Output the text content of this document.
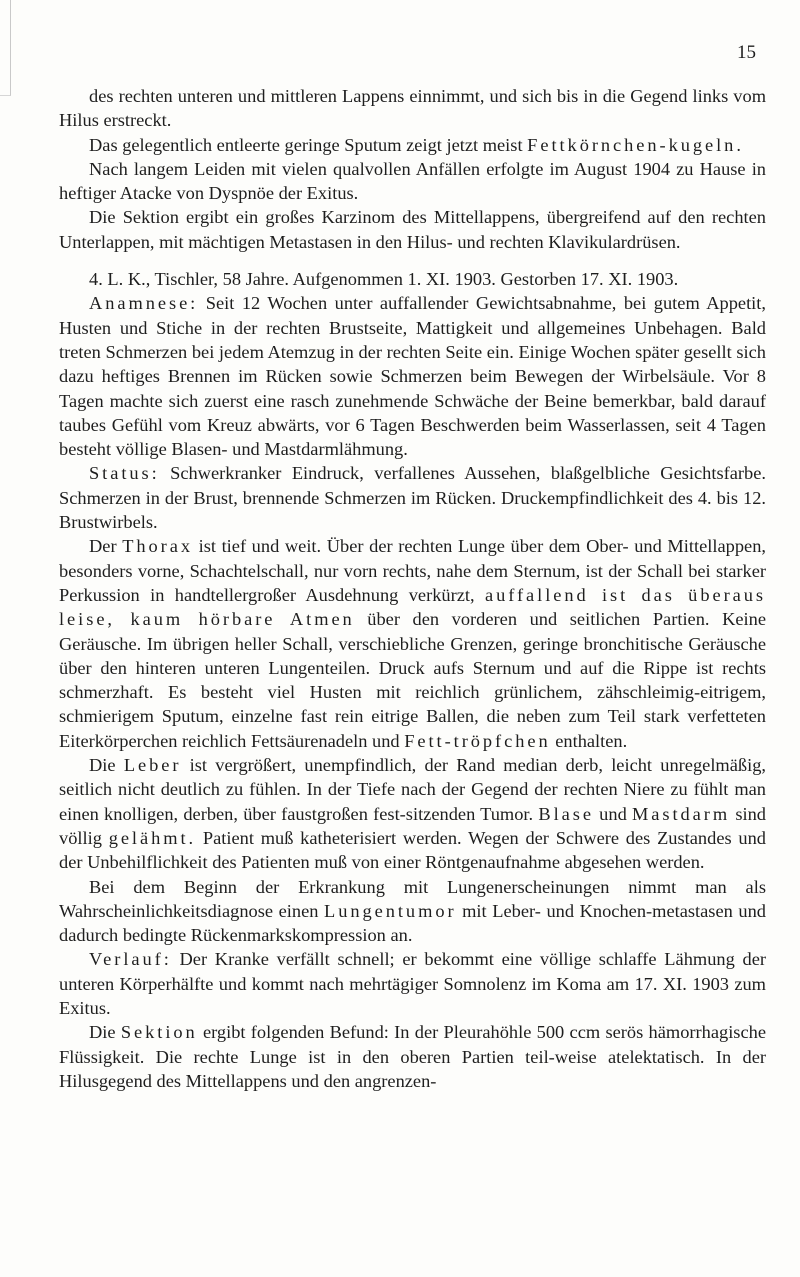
15

des rechten unteren und mittleren Lappens einnimmt, und sich bis in die Gegend links vom Hilus erstreckt.

Das gelegentlich entleerte geringe Sputum zeigt jetzt meist Fettkörnchen-kugeln.

Nach langem Leiden mit vielen qualvollen Anfällen erfolgte im August 1904 zu Hause in heftiger Atacke von Dyspnöe der Exitus.

Die Sektion ergibt ein großes Karzinom des Mittellappens, übergreifend auf den rechten Unterlappen, mit mächtigen Metastasen in den Hilus- und rechten Klavikulardrüsen.

4. L. K., Tischler, 58 Jahre. Aufgenommen 1. XI. 1903. Gestorben 17. XI. 1903.

Anamnese: Seit 12 Wochen unter auffallender Gewichtsabnahme, bei gutem Appetit, Husten und Stiche in der rechten Brustseite, Mattigkeit und allgemeines Unbehagen. Bald treten Schmerzen bei jedem Atemzug in der rechten Seite ein. Einige Wochen später gesellt sich dazu heftiges Brennen im Rücken sowie Schmerzen beim Bewegen der Wirbelsäule. Vor 8 Tagen machte sich zuerst eine rasch zunehmende Schwäche der Beine bemerkbar, bald darauf taubes Gefühl vom Kreuz abwärts, vor 6 Tagen Beschwerden beim Wasserlassen, seit 4 Tagen besteht völlige Blasen- und Mastdarmlähmung.

Status: Schwerkranker Eindruck, verfallenes Aussehen, blaßgelbliche Gesichtsfarbe. Schmerzen in der Brust, brennende Schmerzen im Rücken. Druckempfindlichkeit des 4. bis 12. Brustwirbels.

Der Thorax ist tief und weit. Über der rechten Lunge über dem Ober- und Mittellappen, besonders vorne, Schachtelschall, nur vorn rechts, nahe dem Sternum, ist der Schall bei starker Perkussion in handtellergroßer Ausdehnung verkürzt, auffallend ist das überaus leise, kaum hörbare Atmen über den vorderen und seitlichen Partien. Keine Geräusche. Im übrigen heller Schall, verschiebliche Grenzen, geringe bronchitische Geräusche über den hinteren unteren Lungenteilen. Druck aufs Sternum und auf die Rippe ist rechts schmerzhaft. Es besteht viel Husten mit reichlich grünlichem, zähschleimig-eitrigem, schmierigem Sputum, einzelne fast rein eitrige Ballen, die neben zum Teil stark verfetteten Eiterkörperchen reichlich Fettsäurenadeln und Fett-tröpfchen enthalten.

Die Leber ist vergrößert, unempfindlich, der Rand median derb, leicht unregelmäßig, seitlich nicht deutlich zu fühlen. In der Tiefe nach der Gegend der rechten Niere zu fühlt man einen knolligen, derben, über faustgroßen fest-sitzenden Tumor. Blase und Mastdarm sind völlig gelähmt. Patient muß katheterisiert werden. Wegen der Schwere des Zustandes und der Unbehilflichkeit des Patienten muß von einer Röntgenaufnahme abgesehen werden.

Bei dem Beginn der Erkrankung mit Lungenerscheinungen nimmt man als Wahrscheinlichkeitsdiagnose einen Lungentumor mit Leber- und Knochen-metastasen und dadurch bedingte Rückenmarkskompression an.

Verlauf: Der Kranke verfällt schnell; er bekommt eine völlige schlaffe Lähmung der unteren Körperhälfte und kommt nach mehrtägiger Somnolenz im Koma am 17. XI. 1903 zum Exitus.

Die Sektion ergibt folgenden Befund: In der Pleurahöhle 500 ccm serös hämorrhagische Flüssigkeit. Die rechte Lunge ist in den oberen Partien teil-weise atelektatisch. In der Hilusgegend des Mittellappens und den angrenzen-
